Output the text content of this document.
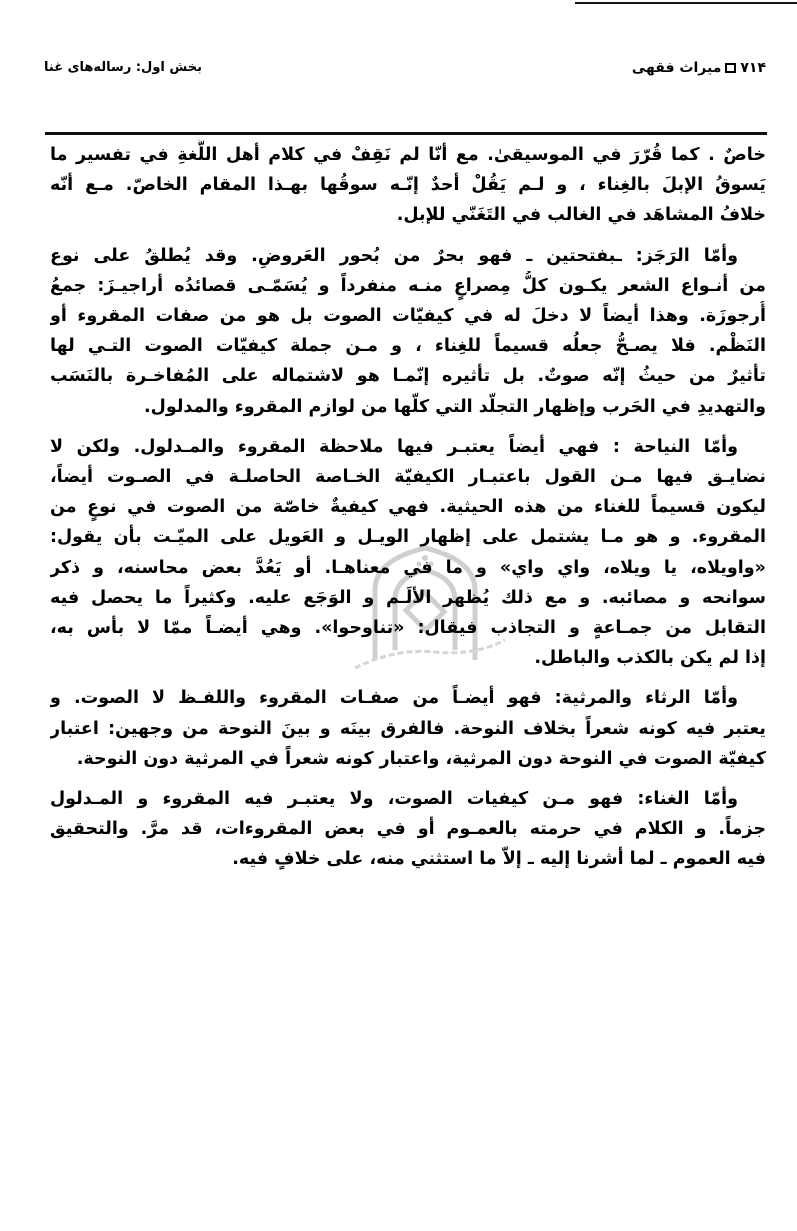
۷۱۴میراث فقهی
بخش اول: رساله‌های غنا
خاصٌ . كما قُرّرَ في الموسيقىٰ. مع أنّا لم نَقِفْ في كلام أهل اللُّغةِ في تفسير ما
يَسوقُ الإبلَ بالغِناء ، و لـم يَقُلْ أحدٌ إنّـه سوقُها بهـذا المقام الخاصّ. مـع أنّه
خلافُ المشاهَد في الغالب في التَغَنّي للإبل.
وأمّا الرَجَز: ـبفتحتين ـ فهو بحرٌ من بُحور العَروضِ. وقد يُطلقُ على نوع
من أنـواع الشعر يكـون كلُّ مِصراعٍ منـه منفرداً و يُسَمّـى قصائدُه أراجيـزَ: جمعُ
أُرجوزَة. وهذا أيضاً لا دخلَ له في كيفيّات الصوت بل هو من صفات المقروء أو
النَظْم. فلا يصـحُّ جعلُه قسيماً للغِناء ، و مـن جملة كيفيّات الصوت التـي لها
تأثيرٌ من حيثُ إنّه صوتٌ. بل تأثيره إنّمـا هو لاشتماله على المُفاخـرة بالنَسَب
والتهديدِ في الحَرب وإظهار التجلّد التي كلّها من لوازم المقروء والمدلول.
وأمّا النياحة : فهي أيضاً يعتبـر فيها ملاحظة المقروء والمـدلول. ولكن لا
نضايـق فيها مـن القول باعتبـار الكيفيّة الخـاصة الحاصلـة في الصـوت أيضاً،
ليكون قسيماً للغناء من هذه الحيثية. فهي كيفيةٌ خاصّة من الصوت في نوعٍ من
المقروء. و هو مـا يشتمل على إظهار الويـل و العَويل على الميّـت بأن يقول:
«واويلاه، يا ويلاه، واي واي» و ما في معناهـا. أو يَعُدَّ بعض محاسنه، و ذكر
سوانحه و مصائبه. و مع ذلك يُظهر الألَـم و الوَجَع عليه. وكثيراً ما يحصل فيه
التقابل من جمـاعةٍ و التجاذب فيقال: «تناوحوا». وهي أيضـاً ممّا لا بأس به،
إذا لم يكن بالكذب والباطل.
وأمّا الرثاء والمرثية: فهو أيضـاً من صفـات المقروء واللفـظ لا الصوت. و
يعتبر فيه كونه شعراً بخلاف النوحة. فالفرق بينَه و بينَ النوحة من وجهين: اعتبار
كيفيّة الصوت في النوحة دون المرثية، واعتبار كونه شعراً في المرثية دون النوحة.
وأمّا الغناء: فهو مـن كيفيات الصوت، ولا يعتبـر فيه المقروء و المـدلول
جزماً. و الكلام في حرمته بالعمـوم أو في بعض المقروءات، قد مرَّ. والتحقيق
فيه العموم ـ لما أشرنا إليه ـ إلاّ ما استثني منه، على خلافٍ فيه.
